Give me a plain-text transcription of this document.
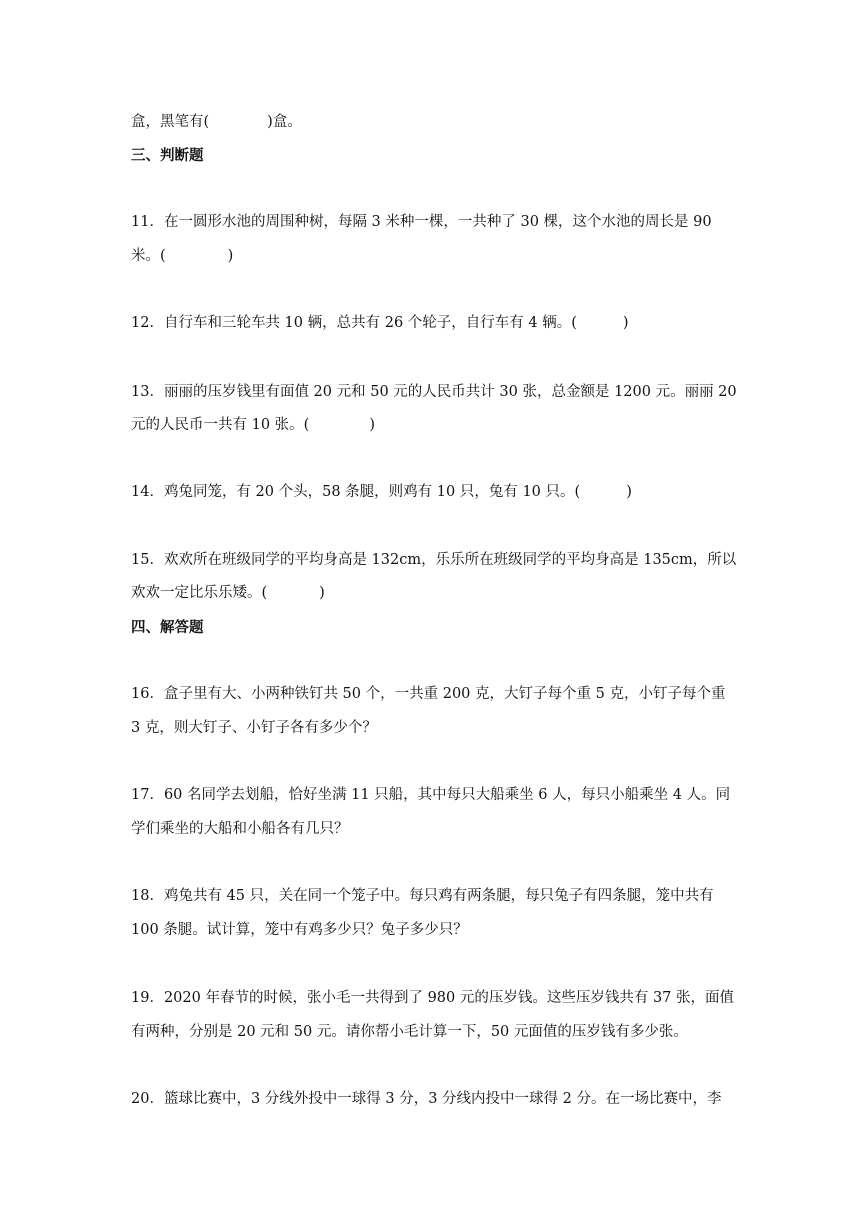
盒，黑笔有(	)盒。

三、判断题

11．在一圆形水池的周围种树，每隔 3 米种一棵，一共种了 30 棵，这个水池的周长是 90

米。(	)

12．自行车和三轮车共 10 辆，总共有 26 个轮子，自行车有 4 辆。(	)

13．丽丽的压岁钱里有面值 20 元和 50 元的人民币共计 30 张，总金额是 1200 元。丽丽 20

元的人民币一共有 10 张。(	)

14．鸡兔同笼，有 20 个头，58 条腿，则鸡有 10 只，兔有 10 只。(	)

15．欢欢所在班级同学的平均身高是 132cm，乐乐所在班级同学的平均身高是 135cm，所以

欢欢一定比乐乐矮。(	)

四、解答题

16．盒子里有大、小两种铁钉共 50 个，一共重 200 克，大钉子每个重 5 克，小钉子每个重

3 克，则大钉子、小钉子各有多少个？

17．60 名同学去划船，恰好坐满 11 只船，其中每只大船乘坐 6 人，每只小船乘坐 4 人。同

学们乘坐的大船和小船各有几只？

18．鸡兔共有 45 只，关在同一个笼子中。每只鸡有两条腿，每只兔子有四条腿，笼中共有

100 条腿。试计算，笼中有鸡多少只？兔子多少只？

19．2020 年春节的时候，张小毛一共得到了 980 元的压岁钱。这些压岁钱共有 37 张，面值

有两种，分别是 20 元和 50 元。请你帮小毛计算一下，50 元面值的压岁钱有多少张。

20．篮球比赛中，3 分线外投中一球得 3 分，3 分线内投中一球得 2 分。在一场比赛中，李
